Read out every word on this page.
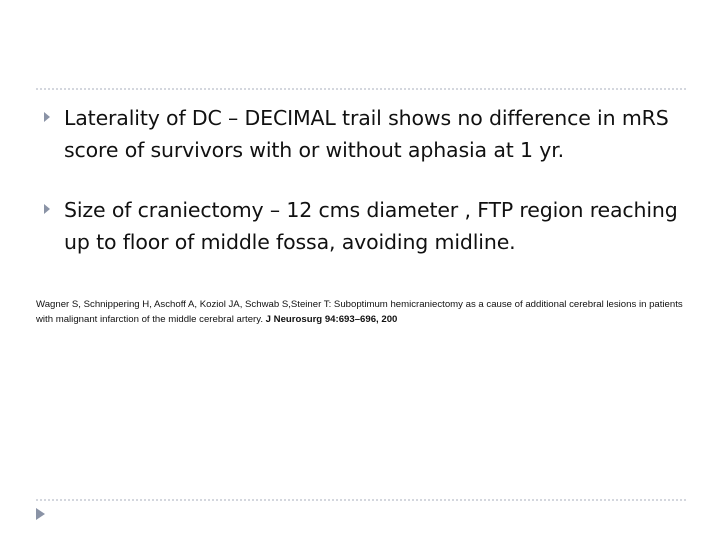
Laterality of DC – DECIMAL trail shows no difference in mRS score of survivors with or without aphasia at 1 yr.
Size of craniectomy – 12 cms diameter , FTP region reaching up to floor of middle fossa, avoiding midline.
Wagner S, Schnippering H, Aschoff A, Koziol JA, Schwab S,Steiner T: Suboptimum hemicraniectomy as a cause of additional cerebral lesions in patients with malignant infarction of the middle cerebral artery. J Neurosurg 94:693–696, 200
